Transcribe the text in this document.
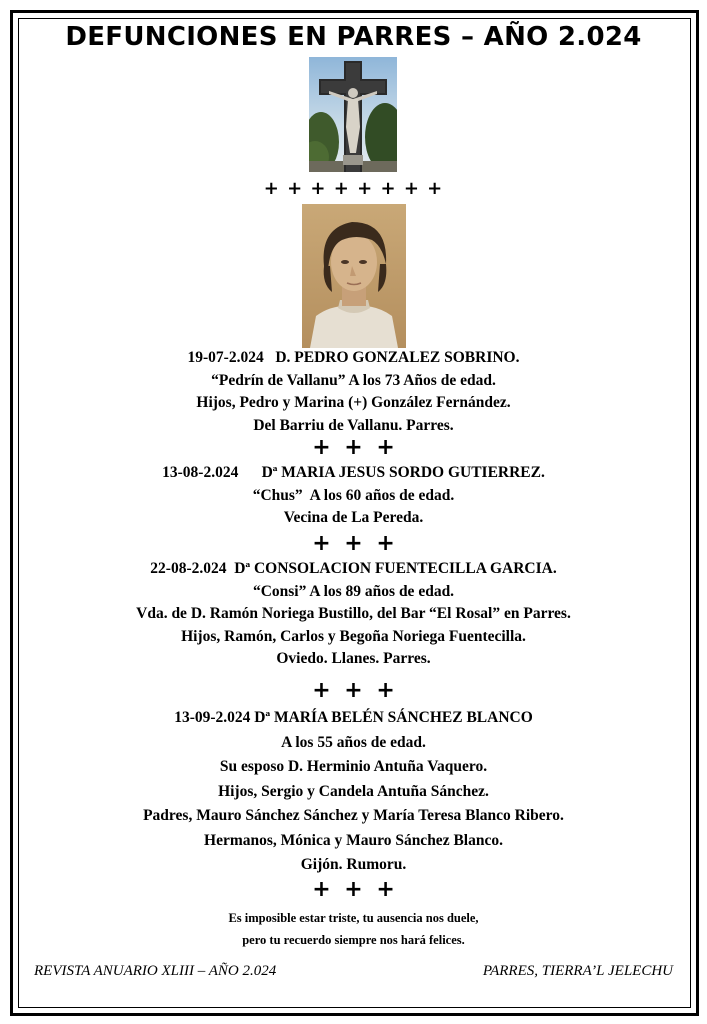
DEFUNCIONES EN PARRES – AÑO 2.024
+ + + + + + + +
19-07-2.024   D. PEDRO GONZALEZ SOBRINO.
“Pedrín de Vallanu” A los 73 Años de edad.
Hijos, Pedro y Marina (+) González Fernández.
Del Barriu de Vallanu. Parres.
+ + +
13-08-2.024      Dª MARIA JESUS SORDO GUTIERREZ.
“Chus”  A los 60 años de edad.
Vecina de La Pereda.
+ + +
22-08-2.024  Dª CONSOLACION FUENTECILLA GARCIA.
“Consi” A los 89 años de edad.
Vda. de D. Ramón Noriega Bustillo, del Bar “El Rosal” en Parres.
Hijos, Ramón, Carlos y Begoña Noriega Fuentecilla.
Oviedo. Llanes. Parres.
+ + +
13-09-2.024 Dª MARÍA BELÉN SÁNCHEZ BLANCO
A los 55 años de edad.
Su esposo D. Herminio Antuña Vaquero.
Hijos, Sergio y Candela Antuña Sánchez.
Padres, Mauro Sánchez Sánchez y María Teresa Blanco Ribero.
Hermanos, Mónica y Mauro Sánchez Blanco.
Gijón. Rumoru.
+ + +
Es imposible estar triste, tu ausencia nos duele,
pero tu recuerdo siempre nos hará felices.
REVISTA ANUARIO XLIII – AÑO 2.024	PARRES, TIERRA’L JELECHU
